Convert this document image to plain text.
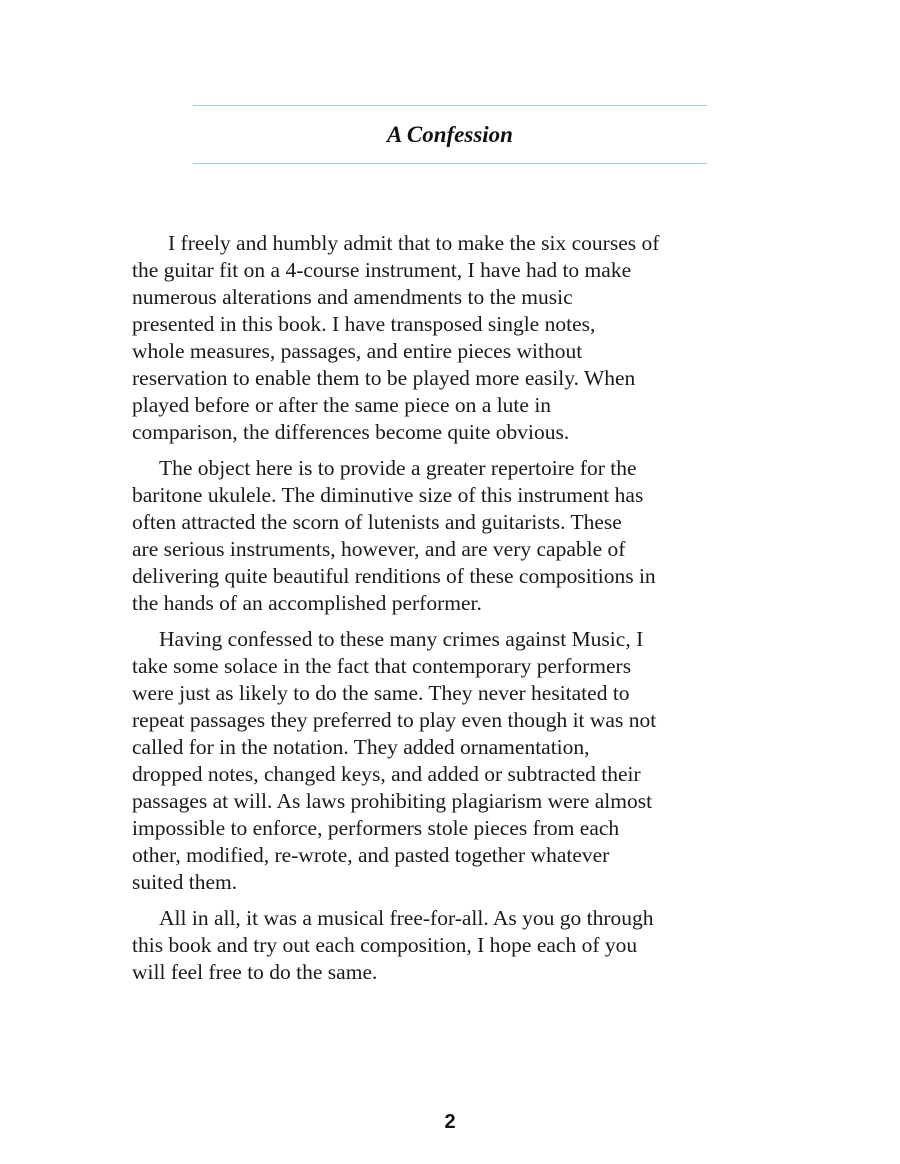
A Confession

I freely and humbly admit that to make the six courses of
the guitar fit on a 4-course instrument, I have had to make
numerous alterations and amendments to the music
presented in this book. I have transposed single notes,
whole measures, passages, and entire pieces without
reservation to enable them to be played more easily. When
played before or after the same piece on a lute in
comparison, the differences become quite obvious.

The object here is to provide a greater repertoire for the
baritone ukulele. The diminutive size of this instrument has
often attracted the scorn of lutenists and guitarists. These
are serious instruments, however, and are very capable of
delivering quite beautiful renditions of these compositions in
the hands of an accomplished performer.

Having confessed to these many crimes against Music, I
take some solace in the fact that contemporary performers
were just as likely to do the same. They never hesitated to
repeat passages they preferred to play even though it was not
called for in the notation. They added ornamentation,
dropped notes, changed keys, and added or subtracted their
passages at will. As laws prohibiting plagiarism were almost
impossible to enforce, performers stole pieces from each
other, modified, re-wrote, and pasted together whatever
suited them.

All in all, it was a musical free-for-all. As you go through
this book and try out each composition, I hope each of you
will feel free to do the same.

2
